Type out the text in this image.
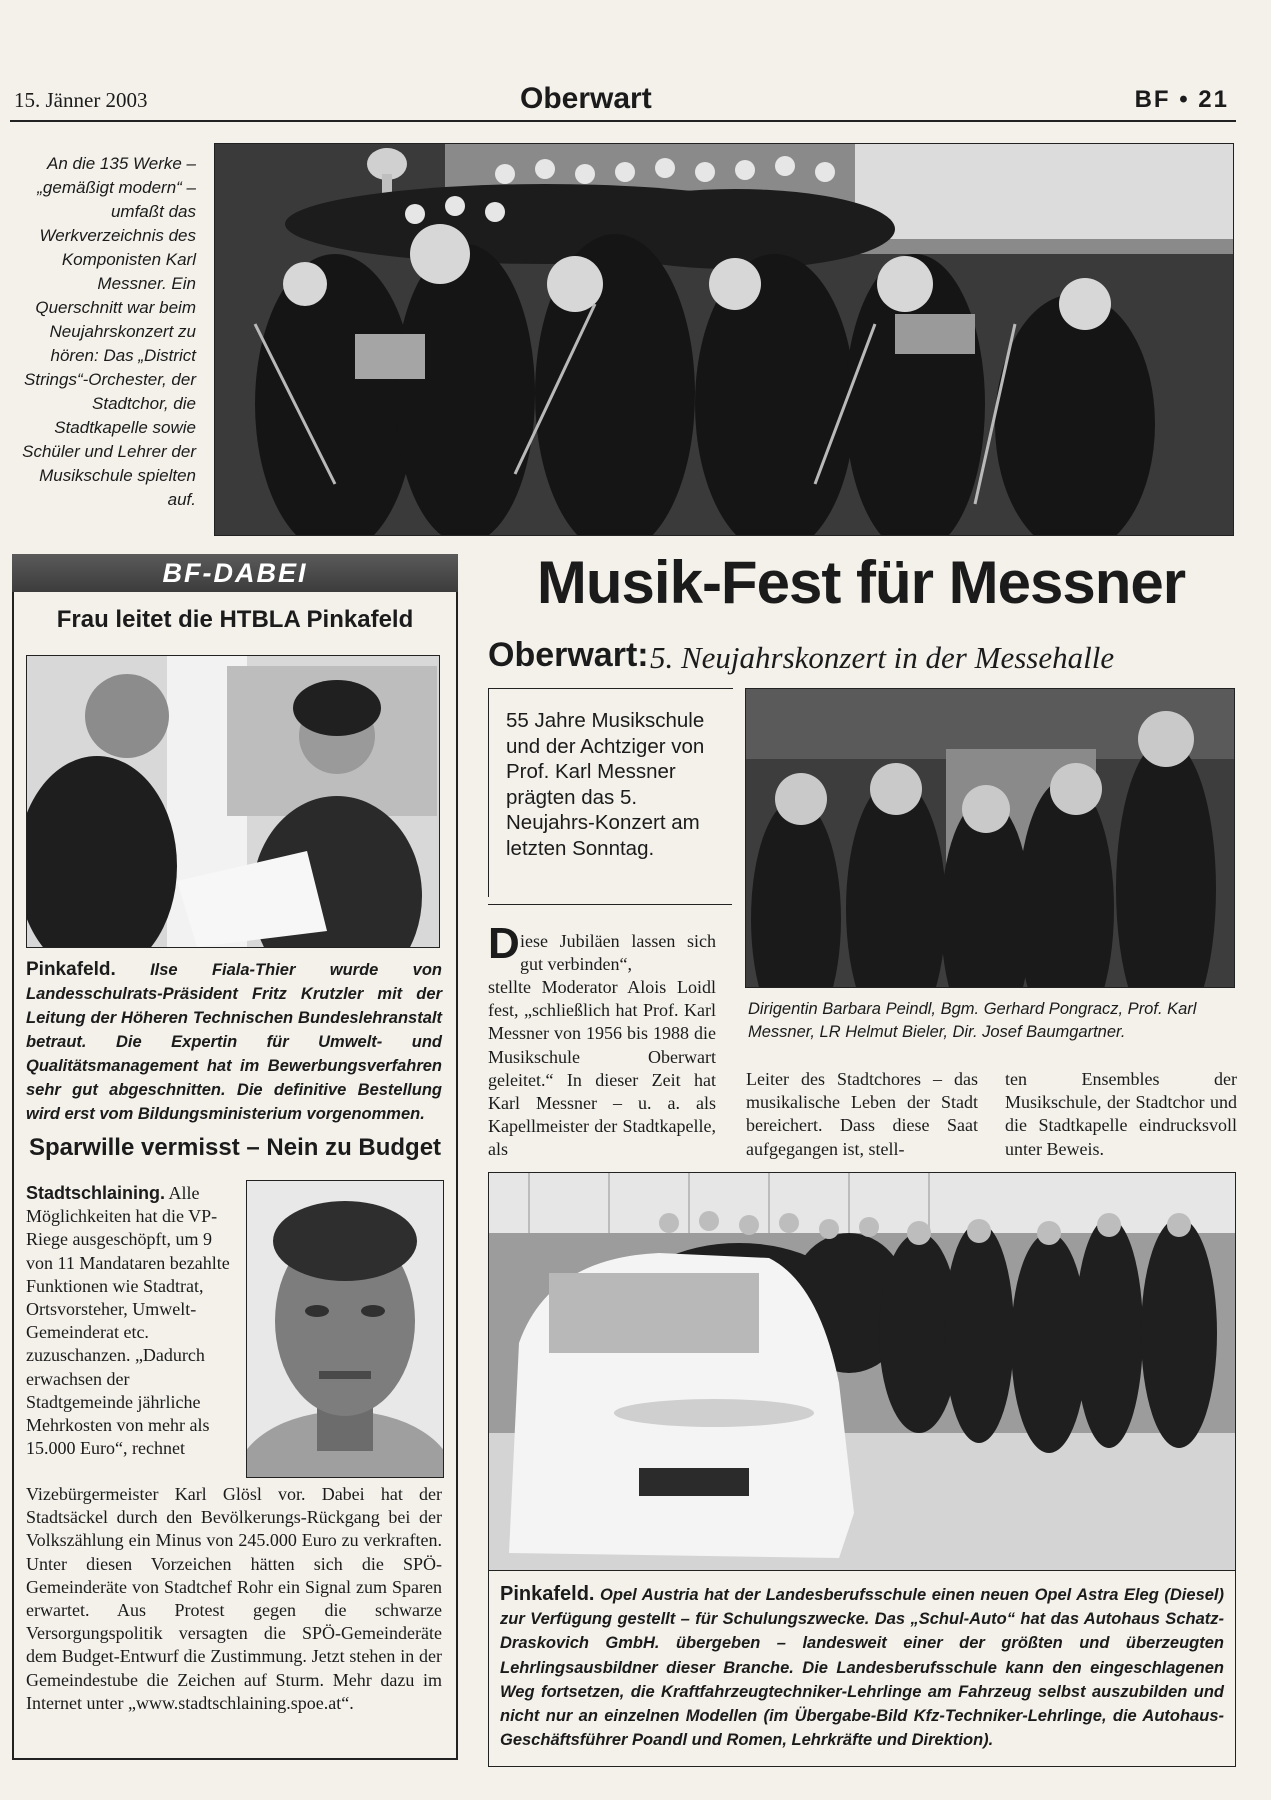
15. Jänner 2003	Oberwart	BF • 21
An die 135 Werke – „gemäßigt modern“ – umfaßt das Werkverzeichnis des Komponisten Karl Messner. Ein Querschnitt war beim Neujahrskonzert zu hören: Das „District Strings“-Orchester, der Stadtchor, die Stadtkapelle sowie Schüler und Lehrer der Musikschule spielten auf.
BF-DABEI
Frau leitet die HTBLA Pinkafeld
Pinkafeld. Ilse Fiala-Thier wurde von Landesschulrats-Präsident Fritz Krutzler mit der Leitung der Höheren Technischen Bundeslehranstalt betraut. Die Expertin für Umwelt- und Qualitätsmanagement hat im Bewerbungsverfahren sehr gut abgeschnitten. Die definitive Bestellung wird erst vom Bildungsministerium vorgenommen.
Sparwille vermisst – Nein zu Budget
Stadtschlaining. Alle Möglichkeiten hat die VP-Riege ausgeschöpft, um 9 von 11 Mandataren bezahlte Funktionen wie Stadtrat, Ortsvorsteher, Umwelt-Gemeinderat etc. zuzuschanzen. „Dadurch erwachsen der Stadtgemeinde jährliche Mehrkosten von mehr als 15.000 Euro“, rechnet
Vizebürgermeister Karl Glösl vor. Dabei hat der Stadtsäckel durch den Bevölkerungs-Rückgang bei der Volkszählung ein Minus von 245.000 Euro zu verkraften. Unter diesen Vorzeichen hätten sich die SPÖ-Gemeinderäte von Stadtchef Rohr ein Signal zum Sparen erwartet. Aus Protest gegen die schwarze Versorgungspolitik versagten die SPÖ-Gemeinderäte dem Budget-Entwurf die Zustimmung. Jetzt stehen in der Gemeindestube die Zeichen auf Sturm. Mehr dazu im Internet unter „www.stadtschlaining.spoe.at“.
Musik-Fest für Messner
Oberwart: 5. Neujahrskonzert in der Messehalle
55 Jahre Musikschule und der Achtziger von Prof. Karl Messner prägten das 5. Neujahrs-Konzert am letzten Sonntag.
D iese Jubiläen lassen sich gut verbinden“,
stellte Moderator Alois Loidl fest, „schließlich hat Prof. Karl Messner von 1956 bis 1988 die Musikschule Oberwart geleitet.“ In dieser Zeit hat Karl Messner – u. a. als Kapellmeister der Stadtkapelle, als
Dirigentin Barbara Peindl, Bgm. Gerhard Pongracz, Prof. Karl Messner, LR Helmut Bieler, Dir. Josef Baumgartner.
Leiter des Stadtchores – das musikalische Leben der Stadt bereichert. Dass diese Saat aufgegangen ist, stell-
ten Ensembles der Musikschule, der Stadtchor und die Stadtkapelle eindrucksvoll unter Beweis.
Pinkafeld. Opel Austria hat der Landesberufsschule einen neuen Opel Astra Eleg (Diesel) zur Verfügung gestellt – für Schulungszwecke. Das „Schul-Auto“ hat das Autohaus Schatz-Draskovich GmbH. übergeben – landesweit einer der größten und überzeugten Lehrlingsausbildner dieser Branche. Die Landesberufsschule kann den eingeschlagenen Weg fortsetzen, die Kraftfahrzeugtechniker-Lehrlinge am Fahrzeug selbst auszubilden und nicht nur an einzelnen Modellen (im Übergabe-Bild Kfz-Techniker-Lehrlinge, die Autohaus-Geschäftsführer Poandl und Romen, Lehrkräfte und Direktion).
